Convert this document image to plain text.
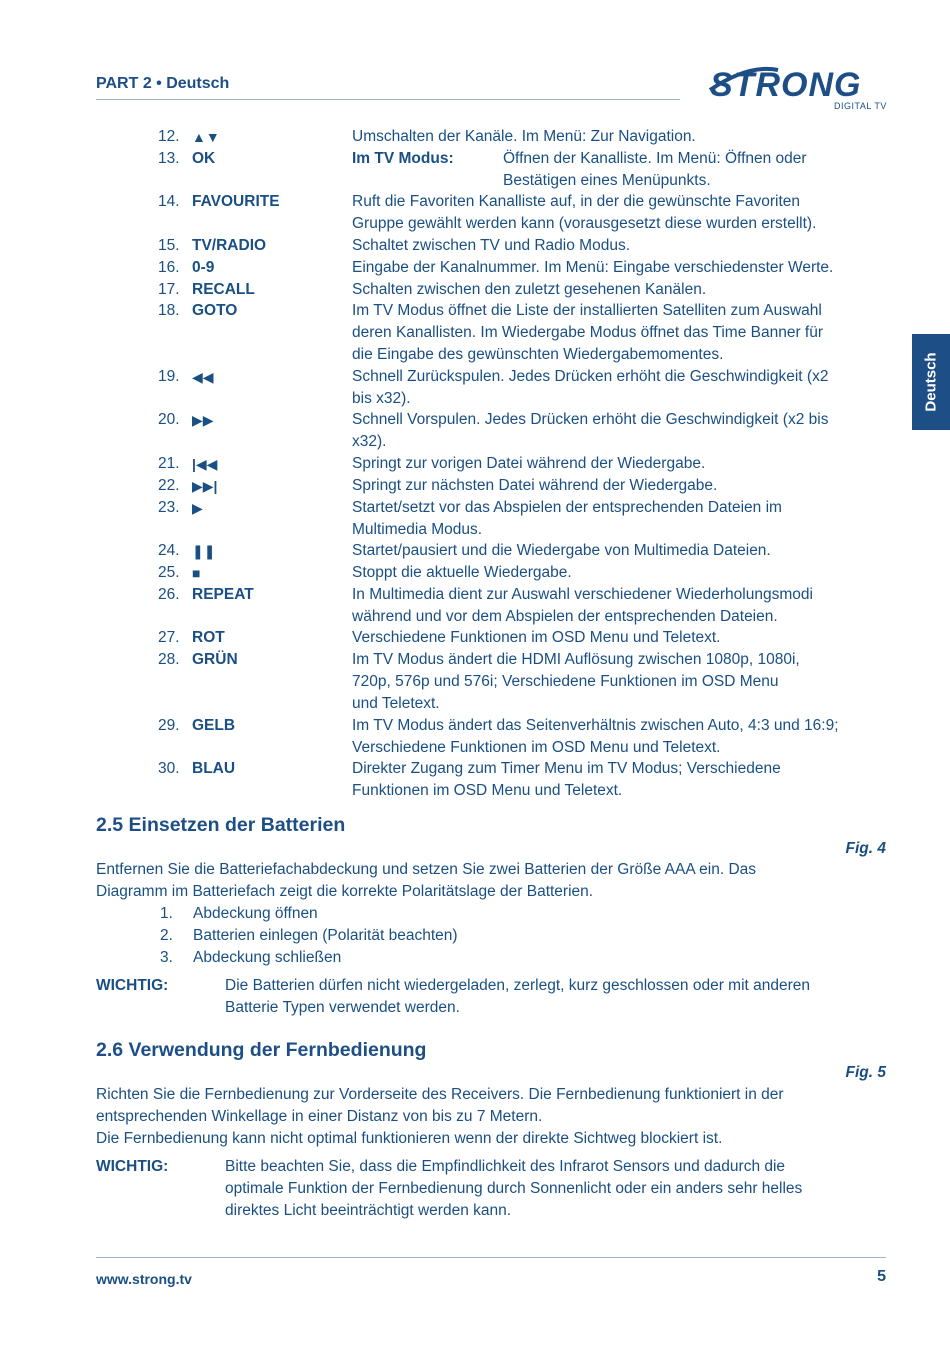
PART 2 • Deutsch	STRONG
DIGITAL TV
Deutsch
12. ▲▼	Umschalten der Kanäle. Im Menü: Zur Navigation.
13. OK	Im TV Modus:	Öffnen der Kanalliste. Im Menü: Öffnen oder
Bestätigen eines Menüpunkts.
14. FAVOURITE	Ruft die Favoriten Kanalliste auf, in der die gewünschte Favoriten
Gruppe gewählt werden kann (vorausgesetzt diese wurden erstellt).
15. TV/RADIO	Schaltet zwischen TV und Radio Modus.
16. 0-9	Eingabe der Kanalnummer. Im Menü: Eingabe verschiedenster Werte.
17. RECALL	Schalten zwischen den zuletzt gesehenen Kanälen.
18. GOTO	Im TV Modus öffnet die Liste der installierten Satelliten zum Auswahl
deren Kanallisten. Im Wiedergabe Modus öffnet das Time Banner für
die Eingabe des gewünschten Wiedergabemomentes.
19. ◀◀	Schnell Zurückspulen. Jedes Drücken erhöht die Geschwindigkeit (x2
bis x32).
20. ▶▶	Schnell Vorspulen. Jedes Drücken erhöht die Geschwindigkeit (x2 bis
x32).
21. |◀◀	Springt zur vorigen Datei während der Wiedergabe.
22. ▶▶|	Springt zur nächsten Datei während der Wiedergabe.
23. ▶	Startet/setzt vor das Abspielen der entsprechenden Dateien im
Multimedia Modus.
24. ❚❚	Startet/pausiert und die Wiedergabe von Multimedia Dateien.
25. ■	Stoppt die aktuelle Wiedergabe.
26. REPEAT	In Multimedia dient zur Auswahl verschiedener Wiederholungsmodi
während und vor dem Abspielen der entsprechenden Dateien.
27. ROT	Verschiedene Funktionen im OSD Menu und Teletext.
28. GRÜN	Im TV Modus ändert die HDMI Auflösung zwischen 1080p, 1080i,
720p, 576p und 576i; Verschiedene Funktionen im OSD Menu
und Teletext.
29. GELB	Im TV Modus ändert das Seitenverhältnis zwischen Auto, 4:3 und 16:9;
Verschiedene Funktionen im OSD Menu und Teletext.
30. BLAU	Direkter Zugang zum Timer Menu im TV Modus; Verschiedene
Funktionen im OSD Menu und Teletext.
2.5 Einsetzen der Batterien
Fig. 4
Entfernen Sie die Batteriefachabdeckung und setzen Sie zwei Batterien der Größe AAA ein. Das
Diagramm im Batteriefach zeigt die korrekte Polaritätslage der Batterien.
1. Abdeckung öffnen
2. Batterien einlegen (Polarität beachten)
3. Abdeckung schließen
WICHTIG:	Die Batterien dürfen nicht wiedergeladen, zerlegt, kurz geschlossen oder mit anderen
Batterie Typen verwendet werden.
2.6 Verwendung der Fernbedienung
Fig. 5
Richten Sie die Fernbedienung zur Vorderseite des Receivers. Die Fernbedienung funktioniert in der
entsprechenden Winkellage in einer Distanz von bis zu 7 Metern.
Die Fernbedienung kann nicht optimal funktionieren wenn der direkte Sichtweg blockiert ist.
WICHTIG:	Bitte beachten Sie, dass die Empfindlichkeit des Infrarot Sensors und dadurch die
optimale Funktion der Fernbedienung durch Sonnenlicht oder ein anders sehr helles
direktes Licht beeinträchtigt werden kann.
www.strong.tv	5
